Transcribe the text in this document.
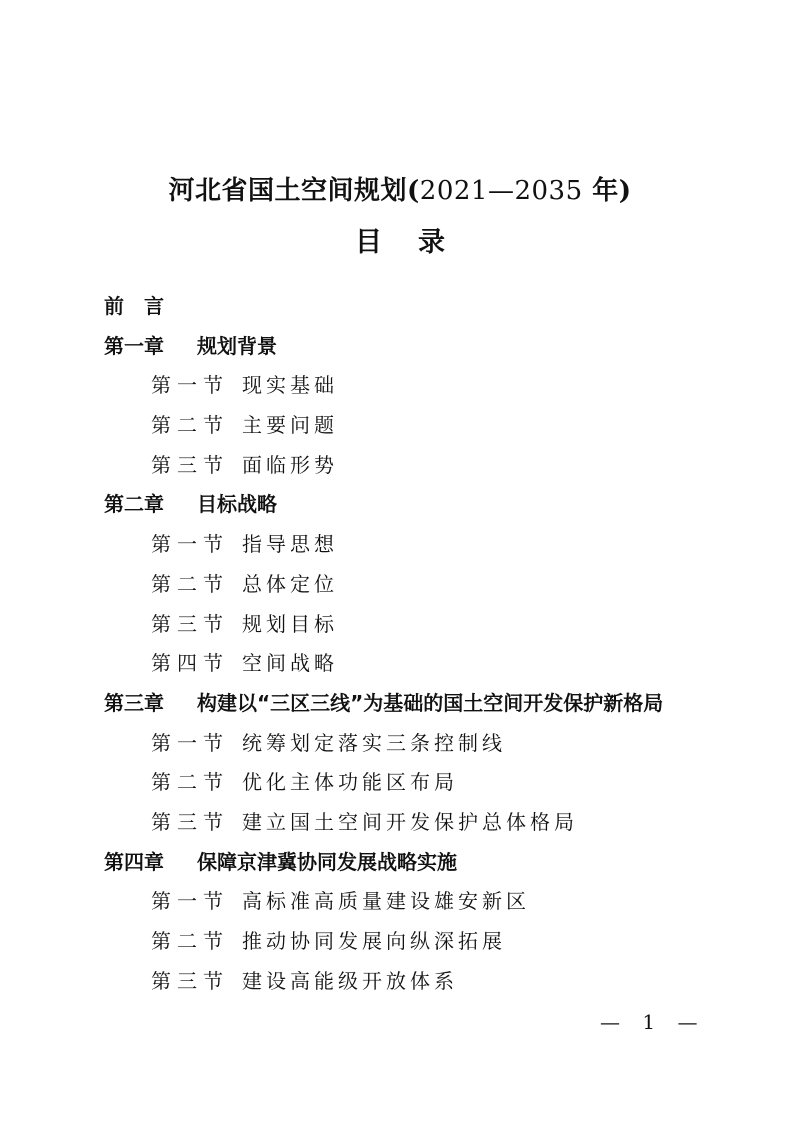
河北省国土空间规划(2021—2035 年)
目 录
前　言
第一章 规划背景
第一节 现实基础
第二节 主要问题
第三节 面临形势
第二章 目标战略
第一节 指导思想
第二节 总体定位
第三节 规划目标
第四节 空间战略
第三章 构建以“三区三线”为基础的国土空间开发保护新格局
第一节 统筹划定落实三条控制线
第二节 优化主体功能区布局
第三节 建立国土空间开发保护总体格局
第四章 保障京津冀协同发展战略实施
第一节 高标准高质量建设雄安新区
第二节 推动协同发展向纵深拓展
第三节 建设高能级开放体系
— 1 —
